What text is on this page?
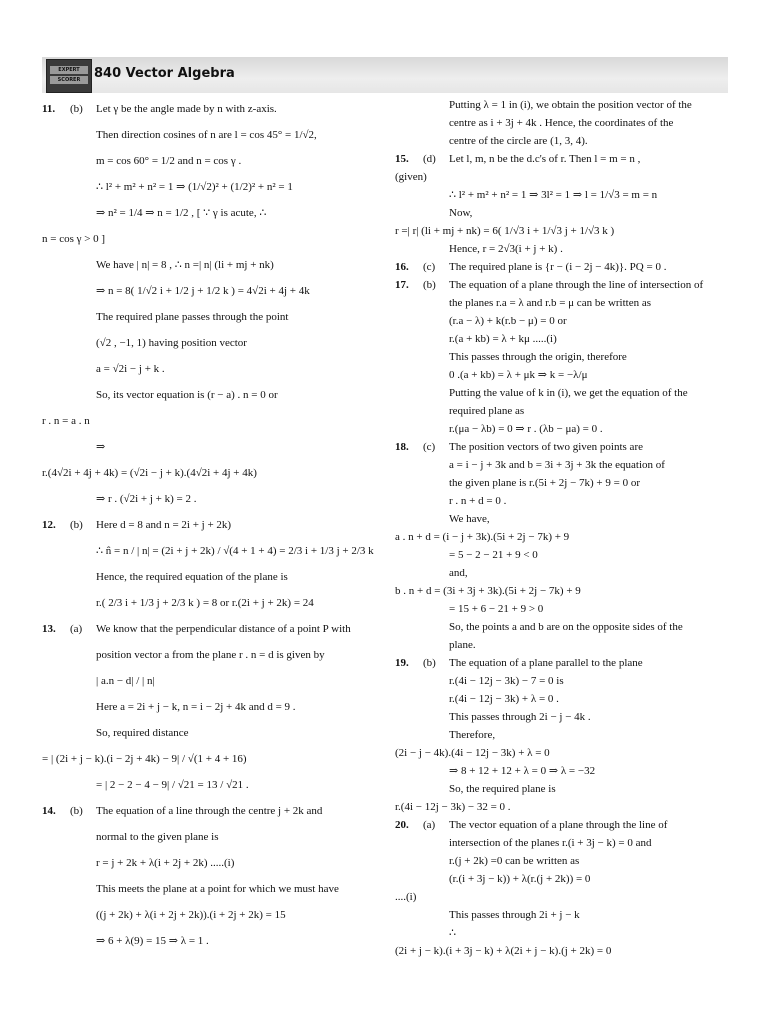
EXPERT
SCORER	840 Vector Algebra
11. (b) Let γ be the angle made by n with z-axis.
Then direction cosines of n are l = cos 45° = 1/√2,
m = cos 60° = 1/2 and n = cos γ .
∴ l² + m² + n² = 1 ⇒ (1/√2)² + (1/2)² + n² = 1
⇒ n² = 1/4 ⇒ n = 1/2 , [ ∵ γ is acute, ∴
n = cos γ > 0 ]
We have | n| = 8 , ∴ n =| n| (li + mj + nk)
⇒ n = 8( 1/√2 i + 1/2 j + 1/2 k ) = 4√2i + 4j + 4k
The required plane passes through the point
(√2 , −1, 1) having position vector
a = √2i − j + k .
So, its vector equation is (r − a) . n = 0 or
r . n = a . n
⇒
r.(4√2i + 4j + 4k) = (√2i − j + k).(4√2i + 4j + 4k)
⇒ r . (√2i + j + k) = 2 .
12. (b) Here d = 8 and n = 2i + j + 2k)
∴ n̂ = n / | n| = (2i + j + 2k) / √(4 + 1 + 4) = 2/3 i + 1/3 j + 2/3 k
Hence, the required equation of the plane is
r.( 2/3 i + 1/3 j + 2/3 k ) = 8 or r.(2i + j + 2k) = 24
13. (a) We know that the perpendicular distance of a point P with
position vector a from the plane r . n = d is given by
| a.n − d| / | n|
Here a = 2i + j − k, n = i − 2j + 4k and d = 9 .
So, required distance
= | (2i + j − k).(i − 2j + 4k) − 9| / √(1 + 4 + 16)
= | 2 − 2 − 4 − 9| / √21 = 13 / √21 .
14. (b) The equation of a line through the centre j + 2k and
normal to the given plane is
r = j + 2k + λ(i + 2j + 2k) .....(i)
This meets the plane at a point for which we must have
((j + 2k) + λ(i + 2j + 2k)).(i + 2j + 2k) = 15
⇒ 6 + λ(9) = 15 ⇒ λ = 1 .
Putting λ = 1 in (i), we obtain the position vector of the
centre as i + 3j + 4k . Hence, the coordinates of the
centre of the circle are (1, 3, 4).
15. (d) Let l, m, n be the d.c's of r. Then l = m = n ,
(given)
∴ l² + m² + n² = 1 ⇒ 3l² = 1 ⇒ l = 1/√3 = m = n
Now,
r =| r| (li + mj + nk) = 6( 1/√3 i + 1/√3 j + 1/√3 k )
Hence, r = 2√3(i + j + k) .
16. (c) The required plane is {r − (i − 2j − 4k)}. PQ = 0 .
17. (b) The equation of a plane through the line of intersection of
the planes r.a = λ and r.b = μ can be written as
(r.a − λ) + k(r.b − μ) = 0 or
r.(a + kb) = λ + kμ .....(i)
This passes through the origin, therefore
0 .(a + kb) = λ + μk ⇒ k = −λ/μ
Putting the value of k in (i), we get the equation of the
required plane as
r.(μa − λb) = 0 ⇒ r . (λb − μa) = 0 .
18. (c) The position vectors of two given points are
a = i − j + 3k and b = 3i + 3j + 3k the equation of
the given plane is r.(5i + 2j − 7k) + 9 = 0 or
r . n + d = 0 .
We have,
a . n + d = (i − j + 3k).(5i + 2j − 7k) + 9
= 5 − 2 − 21 + 9 < 0
and,
b . n + d = (3i + 3j + 3k).(5i + 2j − 7k) + 9
= 15 + 6 − 21 + 9 > 0
So, the points a and b are on the opposite sides of the
plane.
19. (b) The equation of a plane parallel to the plane
r.(4i − 12j − 3k) − 7 = 0 is
r.(4i − 12j − 3k) + λ = 0 .
This passes through 2i − j − 4k .
Therefore,
(2i − j − 4k).(4i − 12j − 3k) + λ = 0
⇒ 8 + 12 + 12 + λ = 0 ⇒ λ = −32
So, the required plane is
r.(4i − 12j − 3k) − 32 = 0 .
20. (a) The vector equation of a plane through the line of
intersection of the planes r.(i + 3j − k) = 0 and
r.(j + 2k) =0 can be written as
(r.(i + 3j − k)) + λ(r.(j + 2k)) = 0
....(i)
This passes through 2i + j − k
∴
(2i + j − k).(i + 3j − k) + λ(2i + j − k).(j + 2k) = 0
